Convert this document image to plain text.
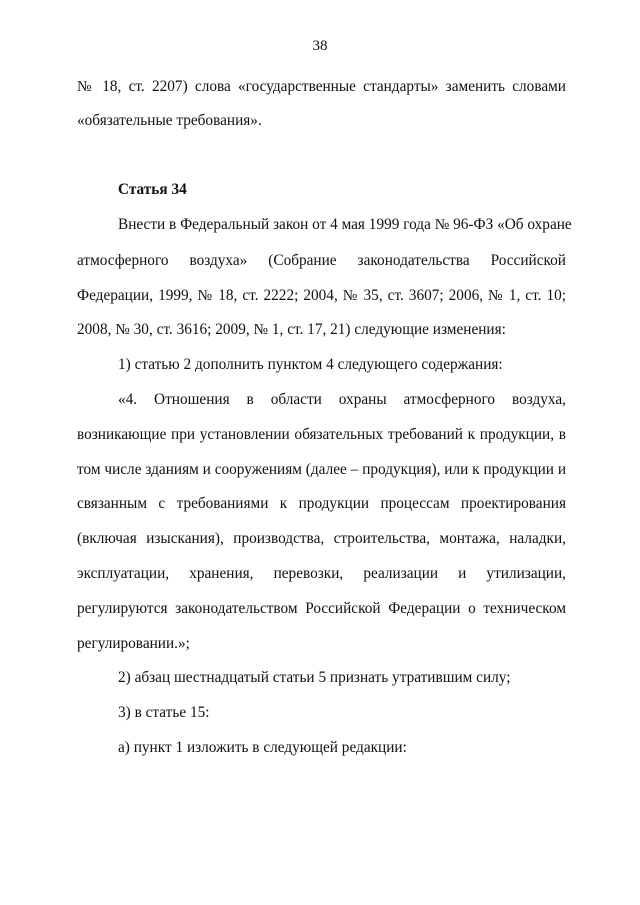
38
№ 18, ст. 2207) слова «государственные стандарты» заменить словами
«обязательные требования».
Статья 34
Внести в Федеральный закон от 4 мая 1999 года № 96-ФЗ «Об охране
атмосферного воздуха» (Собрание законодательства Российской
Федерации, 1999, № 18, ст. 2222; 2004, № 35, ст. 3607; 2006, № 1, ст. 10;
2008, № 30, ст. 3616; 2009, № 1, ст. 17, 21) следующие изменения:
1) статью 2 дополнить пунктом 4 следующего содержания:
«4. Отношения в области охраны атмосферного воздуха,
возникающие при установлении обязательных требований к продукции, в
том числе зданиям и сооружениям (далее – продукция), или к продукции и
связанным с требованиями к продукции процессам проектирования
(включая изыскания), производства, строительства, монтажа, наладки,
эксплуатации, хранения, перевозки, реализации и утилизации,
регулируются законодательством Российской Федерации о техническом
регулировании.»;
2) абзац шестнадцатый статьи 5 признать утратившим силу;
3) в статье 15:
а) пункт 1 изложить в следующей редакции:
